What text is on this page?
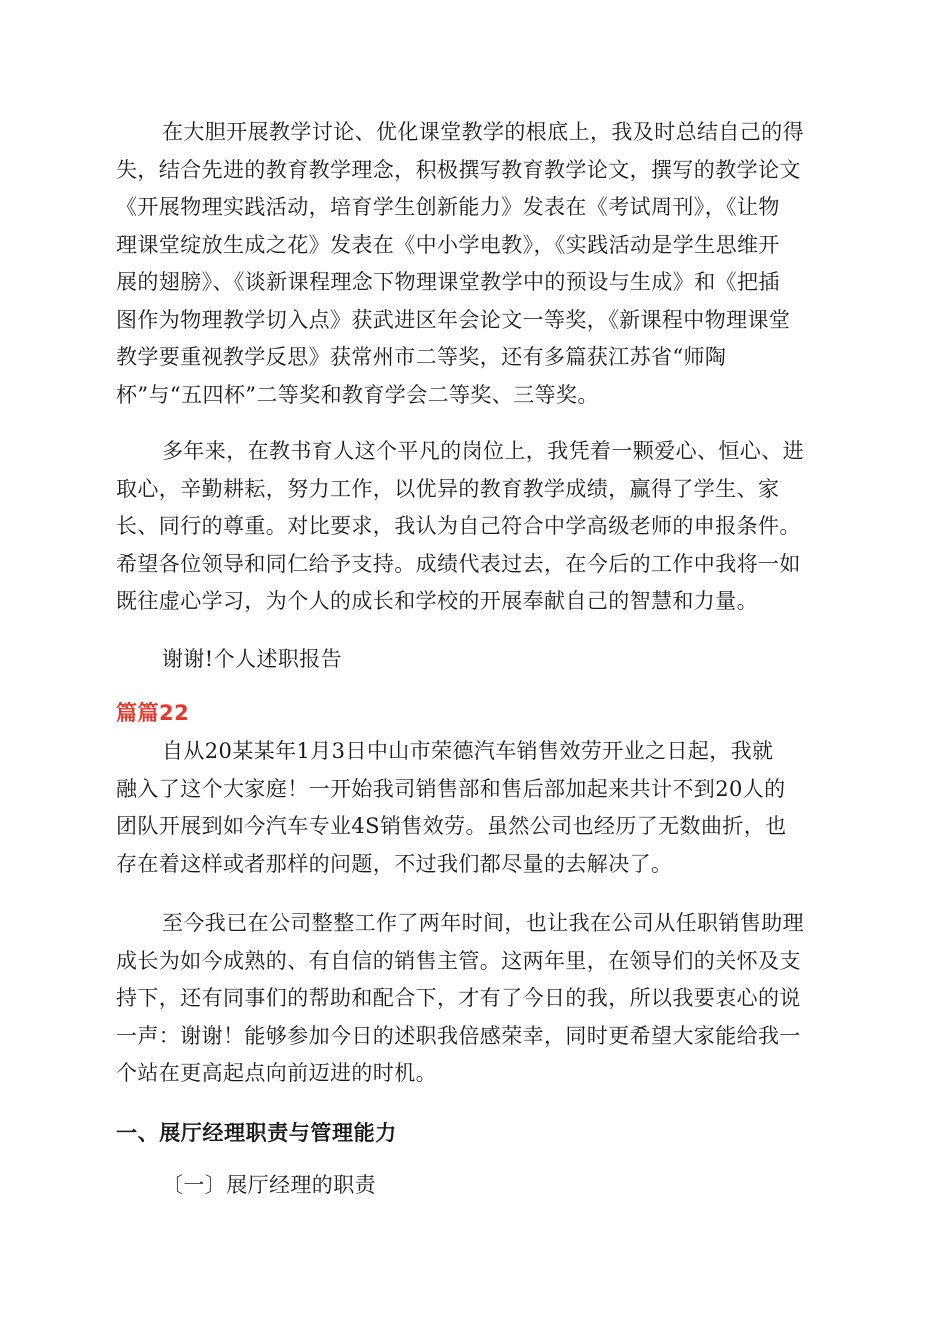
在大胆开展教学讨论、优化课堂教学的根底上，我及时总结自己的得
失，结合先进的教育教学理念，积极撰写教育教学论文，撰写的教学论文
《开展物理实践活动，培育学生创新能力》发表在《考试周刊》，《让物
理课堂绽放生成之花》发表在《中小学电教》，《实践活动是学生思维开
展的翅膀》、《谈新课程理念下物理课堂教学中的预设与生成》和《把插
图作为物理教学切入点》获武进区年会论文一等奖，《新课程中物理课堂
教学要重视教学反思》获常州市二等奖，还有多篇获江苏省“师陶
杯”与“五四杯”二等奖和教育学会二等奖、三等奖。
多年来，在教书育人这个平凡的岗位上，我凭着一颗爱心、恒心、进
取心，辛勤耕耘，努力工作，以优异的教育教学成绩，赢得了学生、家
长、同行的尊重。对比要求，我认为自己符合中学高级老师的申报条件。
希望各位领导和同仁给予支持。成绩代表过去，在今后的工作中我将一如
既往虚心学习，为个人的成长和学校的开展奉献自己的智慧和力量。
谢谢!个人述职报告
篇篇22
自从20某某年1月3日中山市荣德汽车销售效劳开业之日起，我就
融入了这个大家庭！一开始我司销售部和售后部加起来共计不到20人的
团队开展到如今汽车专业4S销售效劳。虽然公司也经历了无数曲折，也
存在着这样或者那样的问题，不过我们都尽量的去解决了。
至今我已在公司整整工作了两年时间，也让我在公司从任职销售助理
成长为如今成熟的、有自信的销售主管。这两年里，在领导们的关怀及支
持下，还有同事们的帮助和配合下，才有了今日的我，所以我要衷心的说
一声：谢谢！能够参加今日的述职我倍感荣幸，同时更希望大家能给我一
个站在更高起点向前迈进的时机。
一、展厅经理职责与管理能力
〔一〕展厅经理的职责
